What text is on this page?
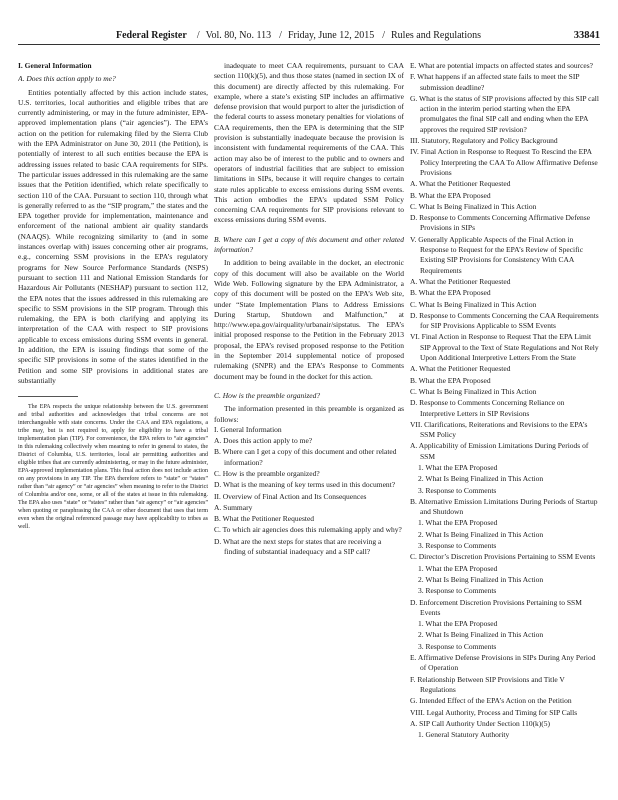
Federal Register / Vol. 80, No. 113 / Friday, June 12, 2015 / Rules and Regulations	33841
I. General Information
A. Does this action apply to me?

Entities potentially affected by this action include states, U.S. territories, local authorities and eligible tribes that are currently administering, or may in the future administer, EPA-approved implementation plans (“air agencies”). The EPA’s action on the petition for rulemaking filed by the Sierra Club with the EPA Administrator on June 30, 2011 (the Petition), is potentially of interest to all such entities because the EPA is addressing issues related to basic CAA requirements for SIPs. The particular issues addressed in this rulemaking are the same issues that the Petition identified, which relate specifically to section 110 of the CAA. Pursuant to section 110, through what is generally referred to as the “SIP program,” the states and the EPA together provide for implementation, maintenance and enforcement of the national ambient air quality standards (NAAQS). While recognizing similarity to (and in some instances overlap with) issues concerning other air programs, e.g., concerning SSM provisions in the EPA’s regulatory programs for New Source Performance Standards (NSPS) pursuant to section 111 and National Emission Standards for Hazardous Air Pollutants (NESHAP) pursuant to section 112, the EPA notes that the issues addressed in this rulemaking are specific to SSM provisions in the SIP program. Through this rulemaking, the EPA is both clarifying and applying its interpretation of the CAA with respect to SIP provisions applicable to excess emissions during SSM events in general. In addition, the EPA is issuing findings that some of the specific SIP provisions in some of the states identified in the Petition and some SIP provisions in additional states are substantially

The EPA respects the unique relationship between the U.S. government and tribal authorities and acknowledges that tribal concerns are not interchangeable with state concerns. Under the CAA and EPA regulations, a tribe may, but is not required to, apply for eligibility to have a tribal implementation plan (TIP). For convenience, the EPA refers to “air agencies” in this rulemaking collectively when meaning to refer in general to states, the District of Columbia, U.S. territories, local air permitting authorities and eligible tribes that are currently administering, or may in the future administer, EPA-approved implementation plans. This final action does not include action on any provisions in any TIP. The EPA therefore refers to “state” or “states” rather than “air agency” or “air agencies” when meaning to refer to the District of Columbia and/or one, some, or all of the states at issue in this rulemaking. The EPA also uses “state” or “states” rather than “air agency” or “air agencies” when quoting or paraphrasing the CAA or other document that uses that term even when the original referenced passage may have applicability to tribes as well.

inadequate to meet CAA requirements, pursuant to CAA section 110(k)(5), and thus those states (named in section IX of this document) are directly affected by this rulemaking. For example, where a state’s existing SIP includes an affirmative defense provision that would purport to alter the jurisdiction of the federal courts to assess monetary penalties for violations of CAA requirements, then the EPA is determining that the SIP provision is substantially inadequate because the provision is inconsistent with fundamental requirements of the CAA. This action may also be of interest to the public and to owners and operators of industrial facilities that are subject to emission limitations in SIPs, because it will require changes to certain state rules applicable to excess emissions during SSM events. This action embodies the EPA’s updated SSM Policy concerning CAA requirements for SIP provisions relevant to excess emissions during SSM events.

B. Where can I get a copy of this document and other related information?

In addition to being available in the docket, an electronic copy of this document will also be available on the World Wide Web. Following signature by the EPA Administrator, a copy of this document will be posted on the EPA’s Web site, under “State Implementation Plans to Address Emissions During Startup, Shutdown and Malfunction,” at http://www.epa.gov/airquality/urbanair/sipstatus. The EPA’s initial proposed response to the Petition in the February 2013 proposal, the EPA’s revised proposed response to the Petition in the September 2014 supplemental notice of proposed rulemaking (SNPR) and the EPA’s Response to Comments document may be found in the docket for this action.

C. How is the preamble organized?

The information presented in this preamble is organized as follows:

I. General Information
A. Does this action apply to me?
B. Where can I get a copy of this document and other related information?
C. How is the preamble organized?
D. What is the meaning of key terms used in this document?
II. Overview of Final Action and Its Consequences
A. Summary
B. What the Petitioner Requested
C. To which air agencies does this rulemaking apply and why?
D. What are the next steps for states that are receiving a finding of substantial inadequacy and a SIP call?
E. What are potential impacts on affected states and sources?
F. What happens if an affected state fails to meet the SIP submission deadline?
G. What is the status of SIP provisions affected by this SIP call action in the interim period starting when the EPA promulgates the final SIP call and ending when the EPA approves the required SIP revision?
III. Statutory, Regulatory and Policy Background
IV. Final Action in Response to Request To Rescind the EPA Policy Interpreting the CAA To Allow Affirmative Defense Provisions
A. What the Petitioner Requested
B. What the EPA Proposed
C. What Is Being Finalized in This Action
D. Response to Comments Concerning Affirmative Defense Provisions in SIPs
V. Generally Applicable Aspects of the Final Action in Response to Request for the EPA’s Review of Specific Existing SIP Provisions for Consistency With CAA Requirements
A. What the Petitioner Requested
B. What the EPA Proposed
C. What Is Being Finalized in This Action
D. Response to Comments Concerning the CAA Requirements for SIP Provisions Applicable to SSM Events
VI. Final Action in Response to Request That the EPA Limit SIP Approval to the Text of State Regulations and Not Rely Upon Additional Interpretive Letters From the State
A. What the Petitioner Requested
B. What the EPA Proposed
C. What Is Being Finalized in This Action
D. Response to Comments Concerning Reliance on Interpretive Letters in SIP Revisions
VII. Clarifications, Reiterations and Revisions to the EPA’s SSM Policy
A. Applicability of Emission Limitations During Periods of SSM
1. What the EPA Proposed
2. What Is Being Finalized in This Action
3. Response to Comments
B. Alternative Emission Limitations During Periods of Startup and Shutdown
1. What the EPA Proposed
2. What Is Being Finalized in This Action
3. Response to Comments
C. Director’s Discretion Provisions Pertaining to SSM Events
1. What the EPA Proposed
2. What Is Being Finalized in This Action
3. Response to Comments
D. Enforcement Discretion Provisions Pertaining to SSM Events
1. What the EPA Proposed
2. What Is Being Finalized in This Action
3. Response to Comments
E. Affirmative Defense Provisions in SIPs During Any Period of Operation
F. Relationship Between SIP Provisions and Title V Regulations
G. Intended Effect of the EPA’s Action on the Petition
VIII. Legal Authority, Process and Timing for SIP Calls
A. SIP Call Authority Under Section 110(k)(5)
1. General Statutory Authority
